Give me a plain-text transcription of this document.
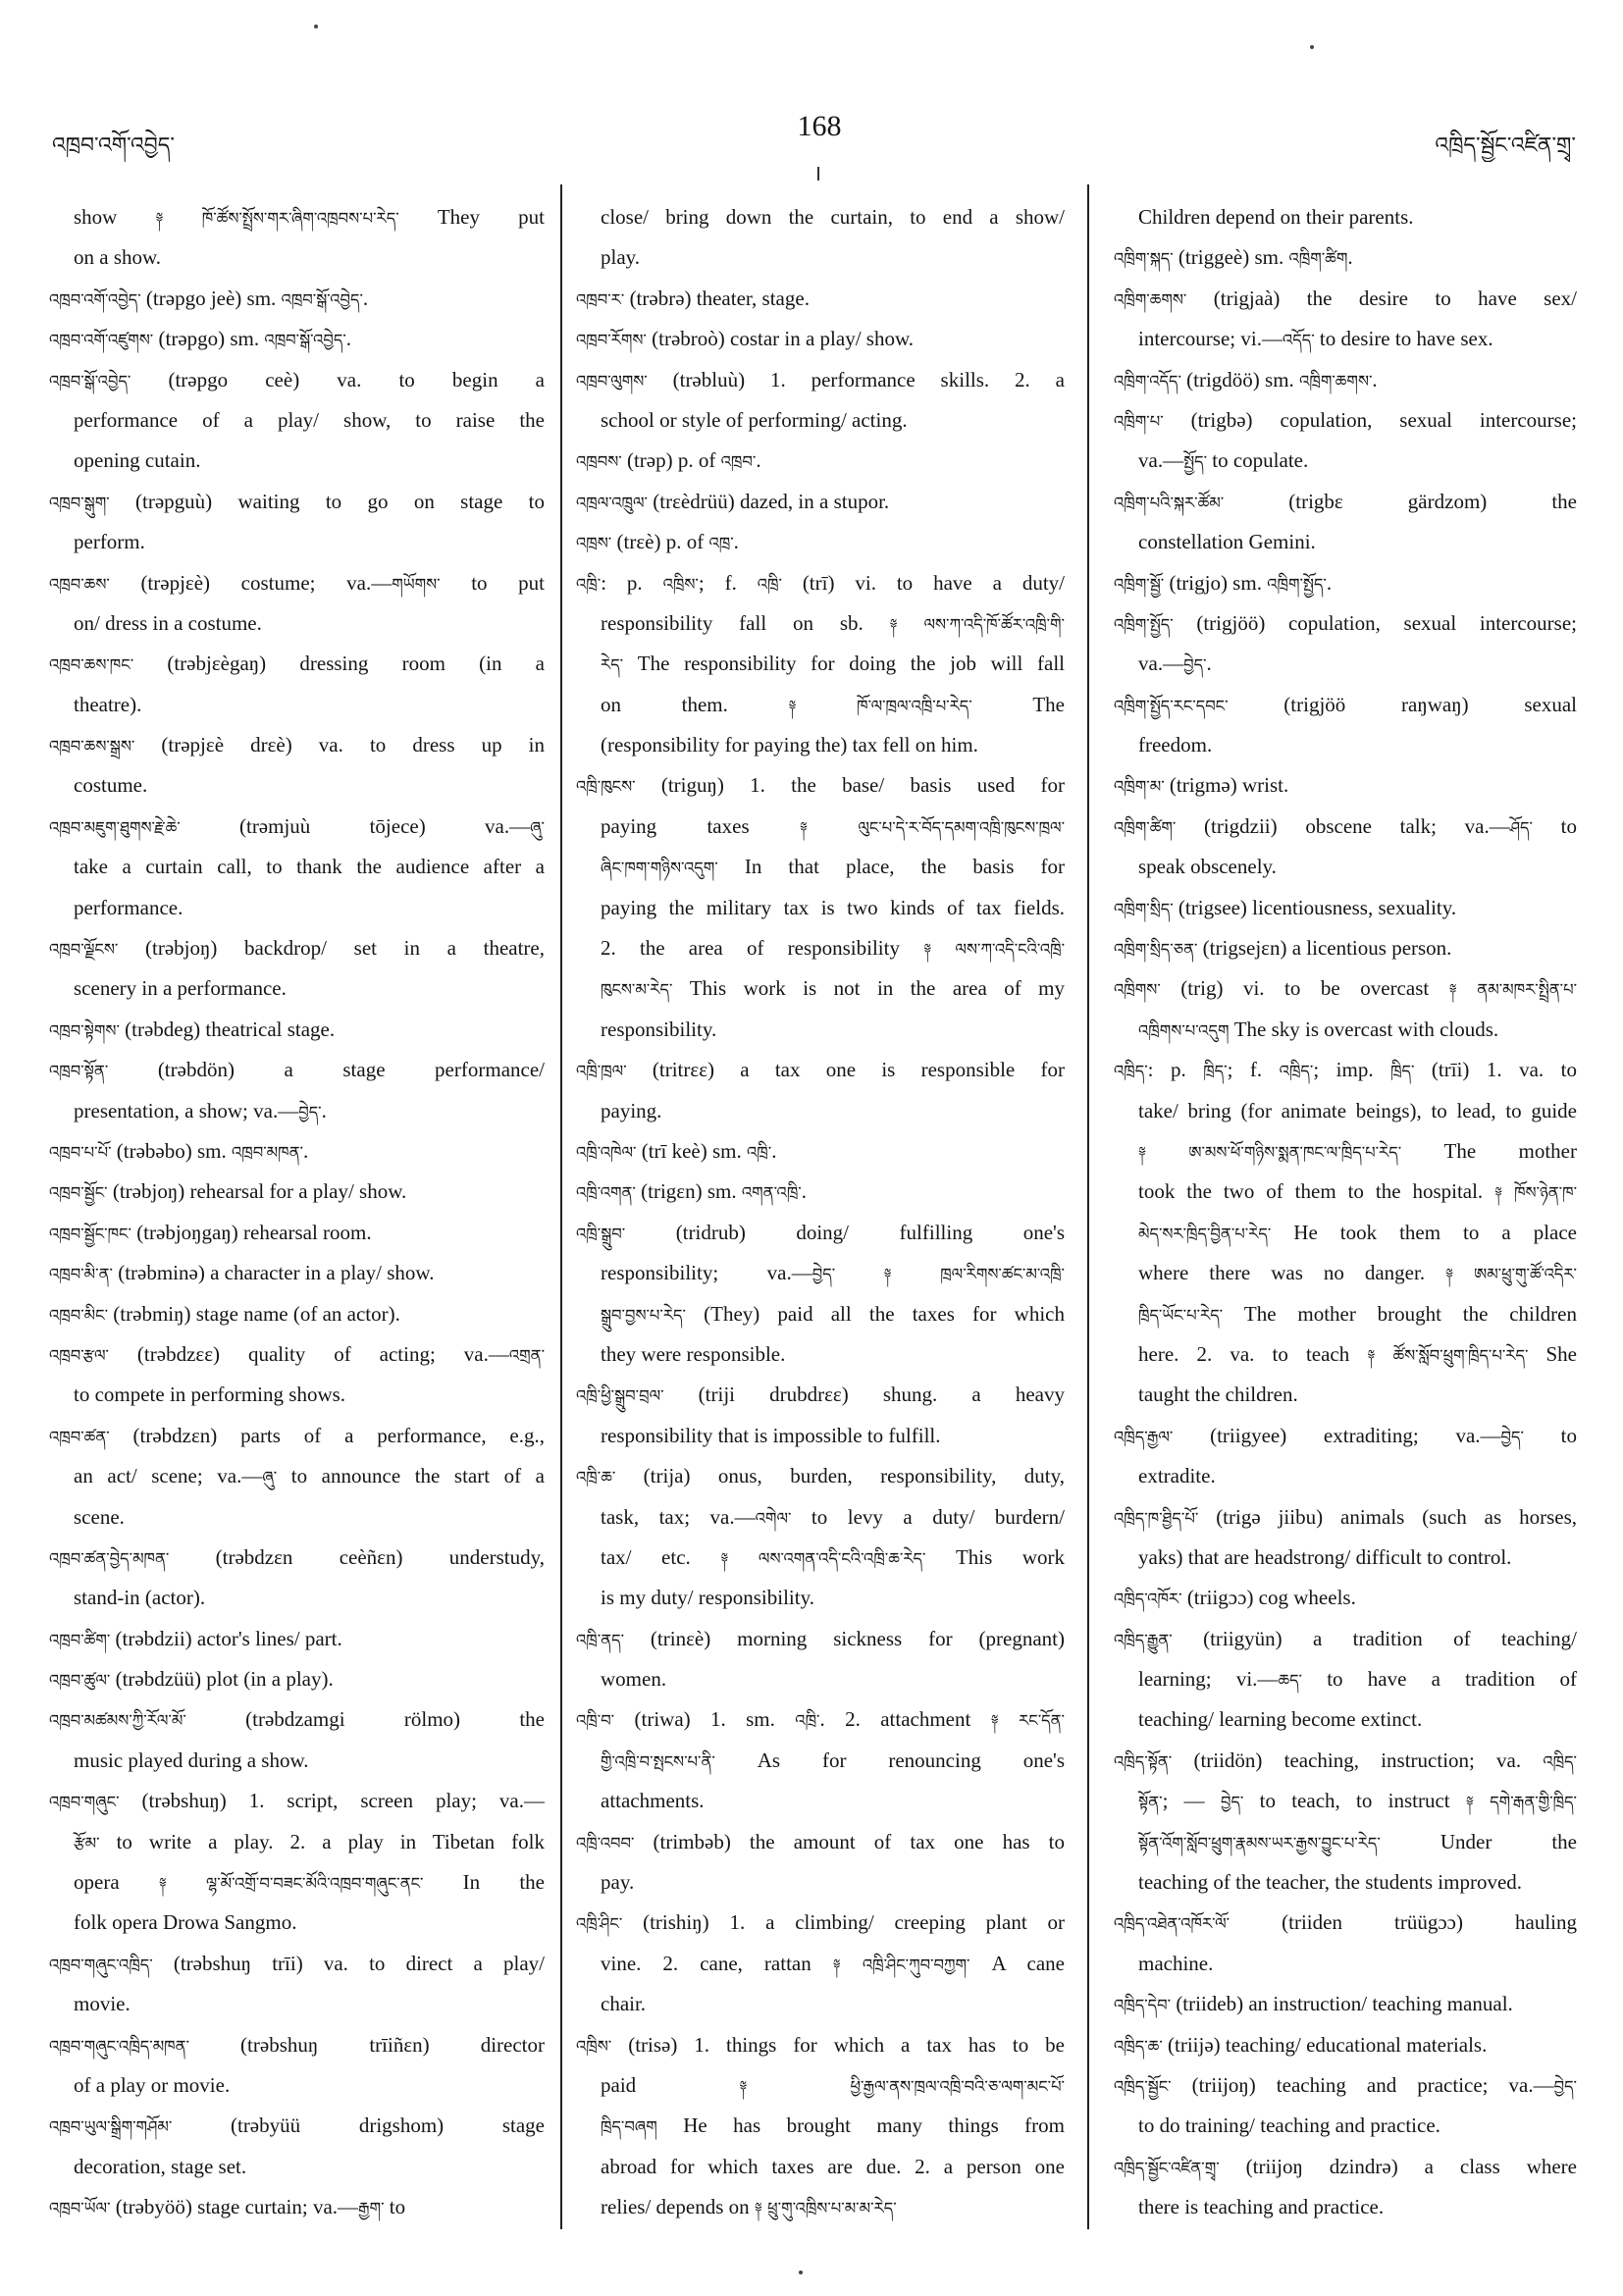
འཁྲབ་འགོ་འབྱེད་
168
འཁྲིད་སྦྱོང་འཛིན་གྲྭ་
show ༈ ཁོ་ཚོས་སྤྲོས་གར་ཞིག་འཁྲབས་པ་རེད་ They put
on a show.
འཁྲབ་འགོ་འབྱེད་ (trəpgo jeè) sm. འཁྲབ་སྒོ་འབྱེད་.
འཁྲབ་འགོ་འཛུགས་ (trəpgo) sm. འཁྲབ་སྒོ་འབྱེད་.
འཁྲབ་སྒོ་འབྱེད་ (trəpgo ceè) va. to begin a
performance of a play/ show, to raise the
opening cutain.
འཁྲབ་སྒུག་ (trəpguù) waiting to go on stage to
perform.
འཁྲབ་ཆས་ (trəpjɛè) costume; va.—གཡོགས་ to put
on/ dress in a costume.
འཁྲབ་ཆས་ཁང་ (trəbjɛègaŋ) dressing room (in a
theatre).
འཁྲབ་ཆས་སྒྲས་ (trəpjɛè drɛè) va. to dress up in
costume.
འཁྲབ་མཇུག་ཐུགས་རྗེ་ཆེ་ (trəmjuù tōjece) va.—ཞུ་
take a curtain call, to thank the audience after a
performance.
འཁྲབ་ལྗོངས་ (trəbjoŋ) backdrop/ set in a theatre,
scenery in a performance.
འཁྲབ་སྟེགས་ (trəbdeg) theatrical stage.
འཁྲབ་སྟོན་ (trəbdön) a stage performance/
presentation, a show; va.—བྱེད་.
འཁྲབ་པ་པོ་ (trəbəbo) sm. འཁྲབ་མཁན་.
འཁྲབ་སྦྱོང་ (trəbjoŋ) rehearsal for a play/ show.
འཁྲབ་སྦྱོང་ཁང་ (trəbjoŋgaŋ) rehearsal room.
འཁྲབ་མི་ན་ (trəbminə) a character in a play/ show.
འཁྲབ་མིང་ (trəbmiŋ) stage name (of an actor).
འཁྲབ་རྩལ་ (trəbdzɛɛ) quality of acting; va.—འགྲན་
to compete in performing shows.
འཁྲབ་ཚན་ (trəbdzɛn) parts of a performance, e.g.,
an act/ scene; va.—ཞུ་ to announce the start of a
scene.
འཁྲབ་ཚན་བྱེད་མཁན་ (trəbdzɛn ceèñɛn) understudy,
stand-in (actor).
འཁྲབ་ཚིག་ (trəbdzii) actor's lines/ part.
འཁྲབ་ཚུལ་ (trəbdzüü) plot (in a play).
འཁྲབ་མཚམས་ཀྱི་རོལ་མོ་ (trəbdzamgi rölmo) the
music played during a show.
འཁྲབ་གཞུང་ (trəbshuŋ) 1. script, screen play; va.—
རྩོམ་ to write a play. 2. a play in Tibetan folk
opera ༈ ལྷ་མོ་འགྲོ་བ་བཟང་མོའི་འཁྲབ་གཞུང་ནང་ In the
folk opera Drowa Sangmo.
འཁྲབ་གཞུང་འཁྲིད་ (trəbshuŋ trīi) va. to direct a play/
movie.
འཁྲབ་གཞུང་འཁྲིད་མཁན་ (trəbshuŋ trīiñɛn) director
of a play or movie.
འཁྲབ་ཡུལ་སྒྲིག་གཤོམ་ (trəbyüü drigshom) stage
decoration, stage set.
འཁྲབ་ཡོལ་ (trəbyöö) stage curtain; va.—རྒྱག་ to
close/ bring down the curtain, to end a show/
play.
འཁྲབ་ར་ (trəbrə) theater, stage.
འཁྲབ་རོགས་ (trəbroò) costar in a play/ show.
འཁྲབ་ལུགས་ (trəbluù) 1. performance skills. 2. a
school or style of performing/ acting.
འཁྲབས་ (trəp) p. of འཁྲབ་.
འཁྲལ་འཁྲུལ་ (trɛèdrüü) dazed, in a stupor.
འཁྲས་ (trɛè) p. of འཁྲ་.
འཁྲི་: p. འཁྲིས་; f. འཁྲི་ (trī) vi. to have a duty/
responsibility fall on sb. ༈ ལས་ཀ་འདི་ཁོ་ཚོར་འཁྲི་གི་
རེད་ The responsibility for doing the job will fall
on them. ༈	ཁོ་ལ་ཁྲལ་འཁྲི་པ་རེད་ The
(responsibility for paying the) tax fell on him.
འཁྲི་ཁུངས་ (triguŋ) 1. the base/ basis used for
paying taxes ༈	ལུང་པ་དེ་ར་བོད་དམག་འཁྲི་ཁུངས་ཁྲལ་
ཞིང་ཁག་གཉིས་འདུག་ In that place, the basis for
paying the military tax is two kinds of tax fields.
2. the area of responsibility ༈ ལས་ཀ་འདི་ངའི་འཁྲི་
ཁུངས་མ་རེད་ This work is not in the area of my
responsibility.
འཁྲི་ཁྲལ་ (tritrɛɛ) a tax one is responsible for
paying.
འཁྲི་འཁེལ་ (trī keè) sm. འཁྲི་.
འཁྲི་འགན་ (trigɛn) sm. འགན་འཁྲི་.
འཁྲི་སྒྲུབ་ (tridrub) doing/ fulfilling one's
responsibility; va.—བྱེད་	༈	ཁྲལ་རིགས་ཚང་མ་འཁྲི་
སྒྲུབ་བྱས་པ་རེད་ (They) paid all the taxes for which
they were responsible.
འཁྲི་ཕྱི་སྒྲུབ་བྲལ་ (triji drubdrɛɛ) shung. a heavy
responsibility that is impossible to fulfill.
འཁྲི་ཆ་ (trija) onus, burden, responsibility, duty,
task, tax; va.—འགེལ་ to levy a duty/ burdern/
tax/ etc. ༈ ལས་འགན་འདི་ངའི་འཁྲི་ཆ་རེད་ This work
is my duty/ responsibility.
འཁྲི་ནད་ (trinɛè) morning sickness for (pregnant)
women.
འཁྲི་བ་ (triwa) 1. sm. འཁྲི་. 2. attachment ༈ རང་དོན་
གྱི་འཁྲི་བ་སྤངས་པ་ནི་ As for renouncing one's
attachments.
འཁྲི་འབབ་ (trimbəb) the amount of tax one has to
pay.
འཁྲི་ཤིང་ (trishiŋ) 1. a climbing/ creeping plant or
vine. 2. cane, rattan ༈ འཁྲི་ཤིང་ཀུབ་བཀྱག་ A cane
chair.
འཁྲིས་ (trisə) 1. things for which a tax has to be
paid ༈	ཕྱི་རྒྱལ་ནས་ཁྲལ་འཁྲི་བའི་ཅ་ལག་མང་པོ་
ཁྲིད་བཞག He has brought many things from
abroad for which taxes are due. 2. a person one
relies/ depends on ༈ ཕྲུ་གུ་འཁྲིས་པ་མ་མ་རེད་
Children depend on their parents.
འཁྲིག་སྐད་ (triggeè) sm. འཁྲིག་ཚིག.
འཁྲིག་ཆགས་ (trigjaà) the desire to have sex/
intercourse; vi.—འདོད་ to desire to have sex.
འཁྲིག་འདོད་ (trigdöö) sm. འཁྲིག་ཆགས་.
འཁྲིག་པ་ (trigbə) copulation, sexual intercourse;
va.—སྤྱོད་ to copulate.
འཁྲིག་པའི་སྐར་ཚོམ་ (trigbɛ gärdzom) the
constellation Gemini.
འཁྲིག་སྦྱོ་ (trigjo) sm. འཁྲིག་སྤྱོད་.
འཁྲིག་སྤྱོད་ (trigjöö) copulation, sexual intercourse;
va.—བྱེད་.
འཁྲིག་སྤྱོད་རང་དབང་ (trigjöö raŋwaŋ) sexual
freedom.
འཁྲིག་མ་ (trigmə) wrist.
འཁྲིག་ཚིག་ (trigdzii) obscene talk; va.—ཤོད་ to
speak obscenely.
འཁྲིག་སྲིད་ (trigsee) licentiousness, sexuality.
འཁྲིག་སྲིད་ཅན་ (trigsejɛn) a licentious person.
འཁྲིགས་ (trig) vi. to be overcast ༈ ནམ་མཁར་སྤྲིན་པ་
འཁྲིགས་པ་འདུག The sky is overcast with clouds.
འཁྲིད་: p. ཁྲིད་; f. འཁྲིད་; imp. ཁྲིད་ (trīi) 1. va. to
take/ bring (for animate beings), to lead, to guide
༈	ཨ་མས་ཕོ་གཉིས་སྨན་ཁང་ལ་ཁྲིད་པ་རེད་ The mother
took the two of them to the hospital. ༈ ཁོས་ཉེན་ཁ་
མེད་སར་ཁྲིད་བྱིན་པ་རེད་ He took them to a place
where there was no danger. ༈ ཨམ་ཕྲུ་གུ་ཚོ་འདིར་
ཁྲིད་ཡོང་པ་རེད་ The mother brought the children
here. 2. va. to teach ༈ ཚོས་སློབ་ཕྲུག་ཁྲིད་པ་རེད་ She
taught the children.
འཁྲིད་རྒྱལ་ (triigyee) extraditing; va.—བྱེད་ to
extradite.
འཁྲིད་ཁ་ཐྱིད་པོ་ (trigə jiibu) animals (such as horses,
yaks) that are headstrong/ difficult to control.
འཁྲིད་འཁོར་ (triigɔɔ) cog wheels.
འཁྲིད་རྒྱུན་ (triigyün) a tradition of teaching/
learning; vi.—ཆད་ to have a tradition of
teaching/ learning become extinct.
འཁྲིད་སྟོན་ (triidön) teaching, instruction; va. འཁྲིད་
སྟོན་; — བྱེད་ to teach, to instruct ༈ དགེ་རྒན་གྱི་ཁྲིད་
སྟོན་འོག་སློབ་ཕྲུག་རྣམས་ཡར་རྒྱས་བྱུང་པ་རེད་ Under the
teaching of the teacher, the students improved.
འཁྲིད་འཐེན་འཁོར་ལོ་ (triiden trüügɔɔ) hauling
machine.
འཁྲིད་དེབ་ (triideb) an instruction/ teaching manual.
འཁྲིད་ཆ་ (triijə) teaching/ educational materials.
འཁྲིད་སྦྱོང་ (triijoŋ) teaching and practice; va.—བྱེད་
to do training/ teaching and practice.
འཁྲིད་སྦྱོང་འཛིན་གྲྭ་ (triijoŋ dzindrə) a class where
there is teaching and practice.
